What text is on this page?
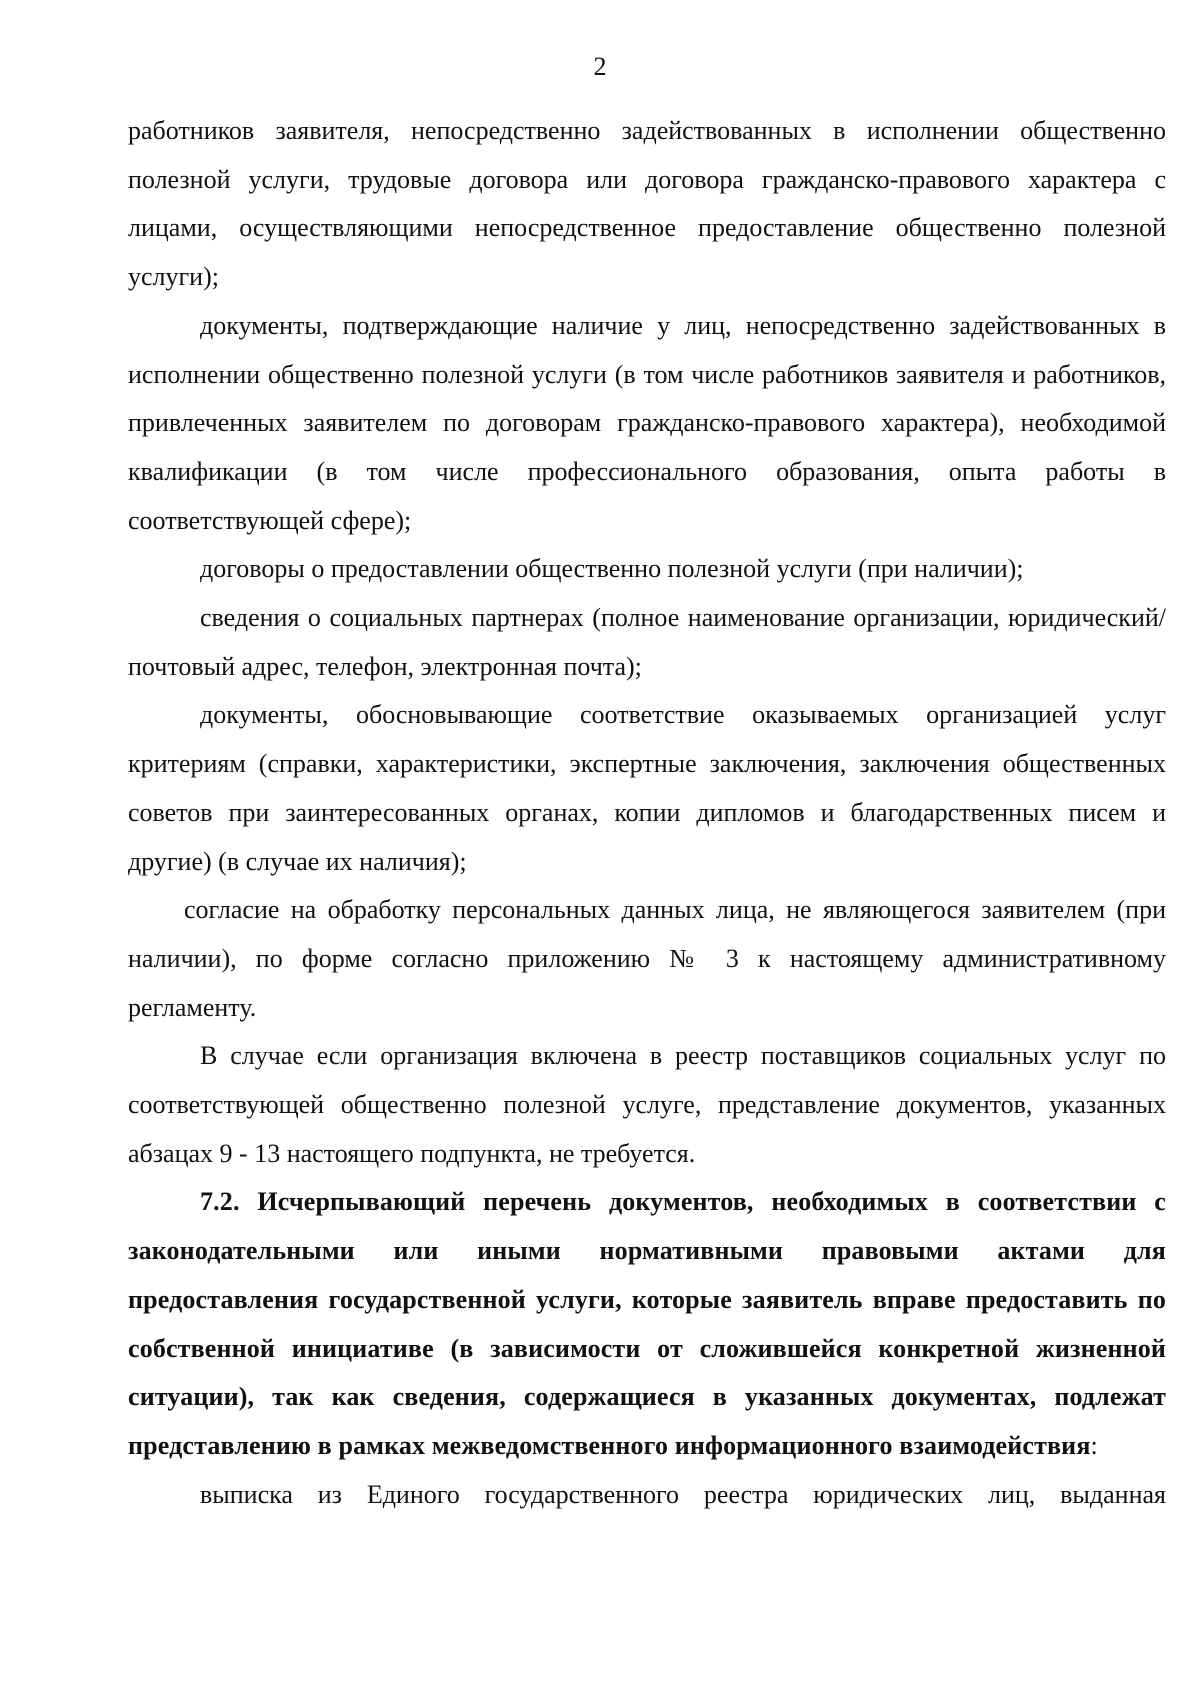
2

работников заявителя, непосредственно задействованных в исполнении общественно полезной услуги, трудовые договора или договора гражданско-правового характера с лицами, осуществляющими непосредственное предоставление общественно полезной услуги);

документы, подтверждающие наличие у лиц, непосредственно задействованных в исполнении общественно полезной услуги (в том числе работников заявителя и работников, привлеченных заявителем по договорам гражданско-правового характера), необходимой квалификации (в том числе профессионального образования, опыта работы в соответствующей сфере);

договоры о предоставлении общественно полезной услуги (при наличии);

сведения о социальных партнерах (полное наименование организации, юридический/почтовый адрес, телефон, электронная почта);

документы, обосновывающие соответствие оказываемых организацией услуг критериям (справки, характеристики, экспертные заключения, заключения общественных советов при заинтересованных органах, копии дипломов и благодарственных писем и другие) (в случае их наличия);

согласие на обработку персональных данных лица, не являющегося заявителем (при наличии), по форме согласно приложению № 3 к настоящему административному регламенту.

В случае если организация включена в реестр поставщиков социальных услуг по соответствующей общественно полезной услуге, представление документов, указанных абзацах 9 - 13 настоящего подпункта, не требуется.

7.2. Исчерпывающий перечень документов, необходимых в соответствии с законодательными или иными нормативными правовыми актами для предоставления государственной услуги, которые заявитель вправе предоставить по собственной инициативе (в зависимости от сложившейся конкретной жизненной ситуации), так как сведения, содержащиеся в указанных документах, подлежат представлению в рамках межведомственного информационного взаимодействия:

выписка из Единого государственного реестра юридических лиц, выданная
